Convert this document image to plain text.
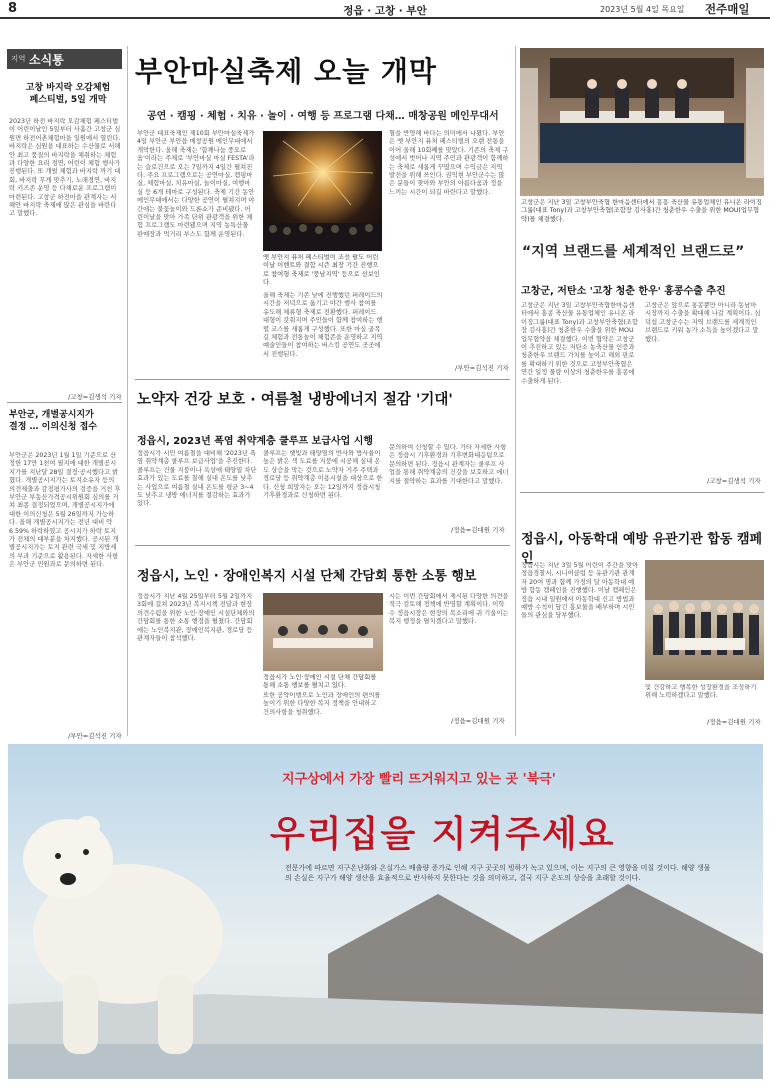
8	정읍 · 고창 · 부안	2023년 5월 4일 목요일 전주매일
지역 소식통
고창 바지락 오감체험
페스티벌, 5일 개막
2023년 하전 바지락 오감체험 페스티벌이 어린이날인 5일부터 사흘간 고창군 심원면 하전어촌체험마을 일원에서 열린다. 바지락은 심원을 대표하는 수산물로 서해안 최고 품질의 바지락을 채취하는 체험과 다양한 요리 경연, 어린이 체험 행사가 진행된다. 또 개펄 체험과 바지락 까기 대회, 바지락 무게 맞추기, 노래경연, 바지락 키즈존 운영 등 다채로운 프로그램이 마련된다. 고창군 하전마을 관계자는 서해안 바지락 축제에 많은 관심을 바란다고 말했다.
/고창=김생석 기자
부안군, 개별공시지가
결정 … 이의신청 접수
부안군은 2023년 1월 1일 기준으로 산정한 17만 1천여 필지에 대한 개별공시지가를 지난달 28일 결정·공시했다고 밝혔다. 개별공시지가는 토지소유자 등의 의견제출과 감정평가사의 검증을 거친 후 부안군 부동산가격공시위원회 심의를 거쳐 최종 결정되었으며, 개별공시지가에 대한 이의신청은 5월 26일까지 가능하다. 올해 개별공시지가는 전년 대비 약 6.59% 하락하였고 공시지가 하락 토지가 전체의 대부분을 차지했다. 공시된 개별공시지가는 토지 관련 국세 및 지방세의 부과 기준으로 활용된다. 자세한 사항은 부안군 민원과로 문의하면 된다.
/부안=김석진 기자
부안마실축제 오늘 개막
공연 · 캠핑 · 체험 · 치유 · 놀이 · 여행 등 프로그램 다채… 매창공원 메인무대서
부안군 대표축제인 제10회 부안마실축제가 4일 부안군 부안읍 매창공원 메인무대에서 개막한다. 올해 축제는 '함께나눔 풍요로움'이라는 주제로 '부안마실 마실 FESTA'라는 슬로건으로 오는 7일까지 4일간 펼쳐진다. 주요 프로그램으로는 공연마실, 캠핑마실, 체험마실, 치유마실, 놀이마실, 여행마실 등 6개 테마로 구성된다. 축제 기간 동안 메인무대에서는 다양한 공연이 펼쳐지며 야간에는 불꽃놀이와 드론쇼가 준비됐다. 어린이날을 맞아 가족 단위 관광객을 위한 체험 프로그램도 마련됐으며 지역 농특산물 판매장과 먹거리 부스도 함께 운영된다.
옛 부안지 퓨처 페스티벌이 조선 팔도 어린이날 이벤트와 결합 시즌 최장 기간 진행으로 참여형 축제로 '풍남지역' 등으로 선보인다.
올해 축제는 기존 낮에 진행했던 퍼레이드의 시간을 저녁으로 옮기고 야간 행사 참여를 유도해 체류형 축제로 전환했다. 퍼레이드 대형이 갖춰지며 주민들이 함께 참여하는 행렬 코스를 새롭게 구성했다. 또한 마실 골목길 체험과 전통놀이 체험존을 운영하고 지역 예술인들이 참여하는 버스킹 공연도 곳곳에서 진행된다.
혈을 반영해 바다는 의미에서 나왔다. 부안은 옛 부안지 퓨처 페스티벌의 오랜 전통을 이어 올해 10회째를 맞았다. 기존의 축제 구성에서 벗어나 지역 주민과 관광객이 함께하는 축제로 새롭게 꾸몄으며 수익금은 지역 발전을 위해 쓰인다. 권익현 부안군수는 많은 분들이 찾아와 부안의 아름다움과 정을 느끼는 시간이 되길 바란다고 말했다.
/부안=김석진 기자
고창군은 지난 3일 고창부안축협 한마음센터에서 흥흥 축산물 유통업체인 유니온 라이징그룹(대표 Tony)과 고창부안축협(조합장 김사홍)간 청춘한우 수출을 위한 MOU(업무협약)를 체결했다.
“지역 브랜드를 세계적인 브랜드로”
고창군, 저탄소 '고창 청춘 한우' 홍콩수출 추진
고창군은 지난 3일 고창부안축협한마음센터에서 홍콩 축산물 유통업체인 유니온 라이징그룹(대표 Tony)과 고창부안축협(조합장 김사홍)간 청춘한우 수출을 위한 MOU 업무협약을 체결했다. 이번 협약은 고창군이 추진하고 있는 저탄소 농축산물 인증과 청춘한우 브랜드 가치를 높이고 해외 판로를 확대하기 위한 것으로 고창부안축협은 연간 일정 물량 이상의 청춘한우를 홍콩에 수출하게 된다.
고창군은 앞으로 홍콩뿐만 아니라 동남아 시장까지 수출을 확대해 나갈 계획이다. 심덕섭 고창군수는 지역 브랜드를 세계적인 브랜드로 키워 농가 소득을 높이겠다고 말했다.
/고창=김생석 기자
노약자 건강 보호 · 여름철 냉방에너지 절감 '기대'
정읍시, 2023년 폭염 취약계층 쿨루프 보급사업 시행
정읍시가 시민 여름철을 대비해 '2023년 폭염 취약계층 쿨루프 보급사업'을 추진한다. 쿨루프는 건물 지붕이나 옥상에 태양열 차단 효과가 있는 도료를 칠해 실내 온도를 낮추는 사업으로 여름철 실내 온도를 평균 3~4도 낮추고 냉방 에너지를 절감하는 효과가 있다.
쿨루프는 햇빛과 태양열의 반사와 방사율이 높은 밝은 색 도료를 지붕에 시공해 실내 온도 상승을 막는 것으로 노약자 거주 주택과 경로당 등 취약계층 이용시설을 대상으로 한다. 신청 희망자는 오는 12일까지 정읍시청 기후환경과로 신청하면 된다.
문의하여 신청할 수 있다. 기타 자세한 사항은 정읍시 기후환경과 기후변화대응팀으로 문의하면 된다. 정읍시 관계자는 쿨루프 사업을 통해 취약계층의 건강을 보호하고 에너지를 절약하는 효과를 기대한다고 말했다.
/정읍=김대원 기자
정읍시, 노인 · 장애인복지 시설 단체 간담회 통한 소통 행보
정읍시가 지난 4월 25일부터 5월 2일까지 3회에 걸쳐 2023년 복지시책 전달과 현장 의견수렴을 위한 노인·장애인 시설단체와의 간담회를 통한 소통 행정을 펼쳤다. 간담회에는 노인복지관, 장애인복지관, 경로당 등 관계자들이 참석했다.
정읍시가 노인·장애인 시설 단체 간담회를 통해 소통 행보를 펼치고 있다.
또한 공약이행으로 노인과 장애인의 편의를 높이기 위한 다양한 복지 정책을 안내하고 건의사항을 청취했다.
시는 이번 간담회에서 제시된 다양한 의견을 적극 검토해 정책에 반영할 계획이다. 이학수 정읍시장은 현장의 목소리에 귀 기울이는 복지 행정을 펼치겠다고 말했다.
/정읍=김대원 기자
정읍시, 아동학대 예방 유관기관 합동 캠페인
정읍시는 지난 3일 5월 어린이 주간을 맞아 정읍경찰서, 시니어클럽 등 유관기관 관계자 20여 명과 함께 가정의 달 아동학대 예방 합동 캠페인을 진행했다. 이날 캠페인은 정읍 시내 일원에서 아동학대 신고 방법과 예방 수칙이 담긴 홍보물을 배부하며 시민들의 관심을 당부했다.
및 건강하고 행복한 성장환경을 조성하기 위해 노력하겠다고 말했다.
/정읍=김대원 기자
지구상에서 가장 빨리 뜨거워지고 있는 곳 '북극'
우리집을 지켜주세요
전문가에 따르면 지구온난화와 온실가스 배출량 증가로 인해 지구 곳곳의 빙하가 녹고 있으며, 이는 지구의 큰 영향을 미칠 것이다. 해양 생물의 손실은 지구가 해양 생산을 효율적으로 반사하지 못한다는 것을 의미하고, 결국 지구 온도의 상승을 초래할 것이다.
